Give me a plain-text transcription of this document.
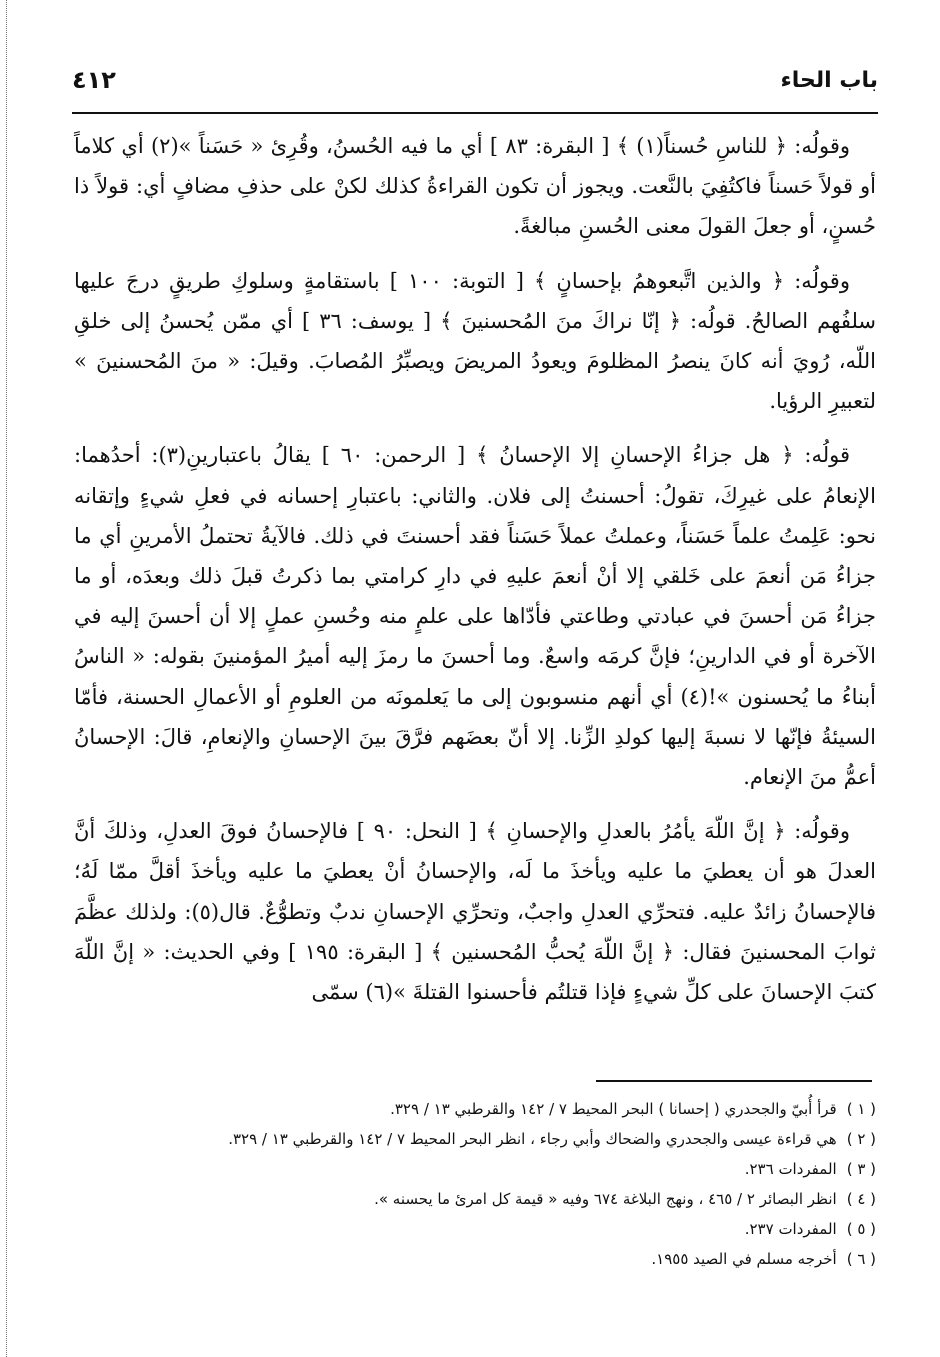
٤١٢	باب الحاء

وقولُه: ﴿ للناسِ حُسناً(١) ﴾ [ البقرة: ٨٣ ] أي ما فيه الحُسنُ، وقُرِئ « حَسَناً »(٢) أي كلاماً أو قولاً حَسناً فاكتُفِيَ بالنَّعت. ويجوز أن تكون القراءةُ كذلك لكنْ على حذفِ مضافٍ أي: قولاً ذا حُسنٍ، أو جعلَ القولَ معنى الحُسنِ مبالغةً.

وقولُه: ﴿ والذين اتَّبعوهمُ بإحسانٍ ﴾ [ التوبة: ١٠٠ ] باستقامةٍ وسلوكِ طريقٍ درجَ عليها سلفُهم الصالحُ. قولُه: ﴿ إنّا نراكَ منَ المُحسنينَ ﴾ [ يوسف: ٣٦ ] أي ممّن يُحسنُ إلى خلقِ اللّه، رُويَ أنه كانَ ينصرُ المظلومَ ويعودُ المريضَ ويصبِّرُ المُصابَ. وقيلَ: « منَ المُحسنينَ » لتعبيرِ الرؤيا.

قولُه: ﴿ هل جزاءُ الإحسانِ إلا الإحسانُ ﴾ [ الرحمن: ٦٠ ] يقالُ باعتبارينِ(٣): أحدُهما: الإنعامُ على غيرِكَ، تقولُ: أحسنتُ إلى فلان. والثاني: باعتبارِ إحسانه في فعلِ شيءٍ وإتقانه نحو: عَلِمتُ علماً حَسَناً، وعملتُ عملاً حَسَناً فقد أحسنتَ في ذلك. فالآيةُ تحتملُ الأمرينِ أي ما جزاءُ مَن أنعمَ على خَلقي إلا أنْ أنعمَ عليهِ في دارِ كرامتي بما ذكرتُ قبلَ ذلك وبعدَه، أو ما جزاءُ مَن أحسنَ في عبادتي وطاعتي فأدّاها على علمٍ منه وحُسنِ عملٍ إلا أن أحسنَ إليه في الآخرة أو في الدارينِ؛ فإنَّ كرمَه واسعٌ. وما أحسنَ ما رمزَ إليه أميرُ المؤمنينَ بقوله: « الناسُ أبناءُ ما يُحسنون »!(٤) أي أنهم منسوبون إلى ما يَعلمونَه من العلومِ أو الأعمالِ الحسنة، فأمّا السيئةُ فإنّها لا نسبةَ إليها كولدِ الزِّنا. إلا أنّ بعضَهم فرَّقَ بينَ الإحسانِ والإنعامِ، قالَ: الإحسانُ أعمُّ منَ الإنعام.

وقولُه: ﴿ إنَّ اللّهَ يأمُرُ بالعدلِ والإحسانِ ﴾ [ النحل: ٩٠ ] فالإحسانُ فوقَ العدلِ، وذلكَ أنَّ العدلَ هو أن يعطيَ ما عليه ويأخذَ ما لَه، والإحسانُ أنْ يعطيَ ما عليه ويأخذَ أقلَّ ممّا لَهُ؛ فالإحسانُ زائدٌ عليه. فتحرِّي العدلِ واجبٌ، وتحرِّي الإحسانِ ندبٌ وتطوُّعٌ. قال(٥): ولذلك عظَّمَ ثوابَ المحسنينَ فقال: ﴿ إنَّ اللّهَ يُحبُّ المُحسنين ﴾ [ البقرة: ١٩٥ ] وفي الحديث: « إنَّ اللّهَ كتبَ الإحسانَ على كلِّ شيءٍ فإذا قتلتُم فأحسنوا القتلةَ »(٦) سمّى

( ١ )قرأ أُبيّ والجحدري ( إحسانا ) البحر المحيط ٧ / ١٤٢ والقرطبي ١٣ / ٣٢٩.
( ٢ )هي قراءة عيسى والجحدري والضحاك وأبي رجاء ، انظر البحر المحيط ٧ / ١٤٢ والقرطبي ١٣ / ٣٢٩.
( ٣ )المفردات ٢٣٦.
( ٤ )انظر البصائر ٢ / ٤٦٥ ، ونهج البلاغة ٦٧٤ وفيه « قيمة كل امرئ ما يحسنه ».
( ٥ )المفردات ٢٣٧.
( ٦ )أخرجه مسلم في الصيد ١٩٥٥.
